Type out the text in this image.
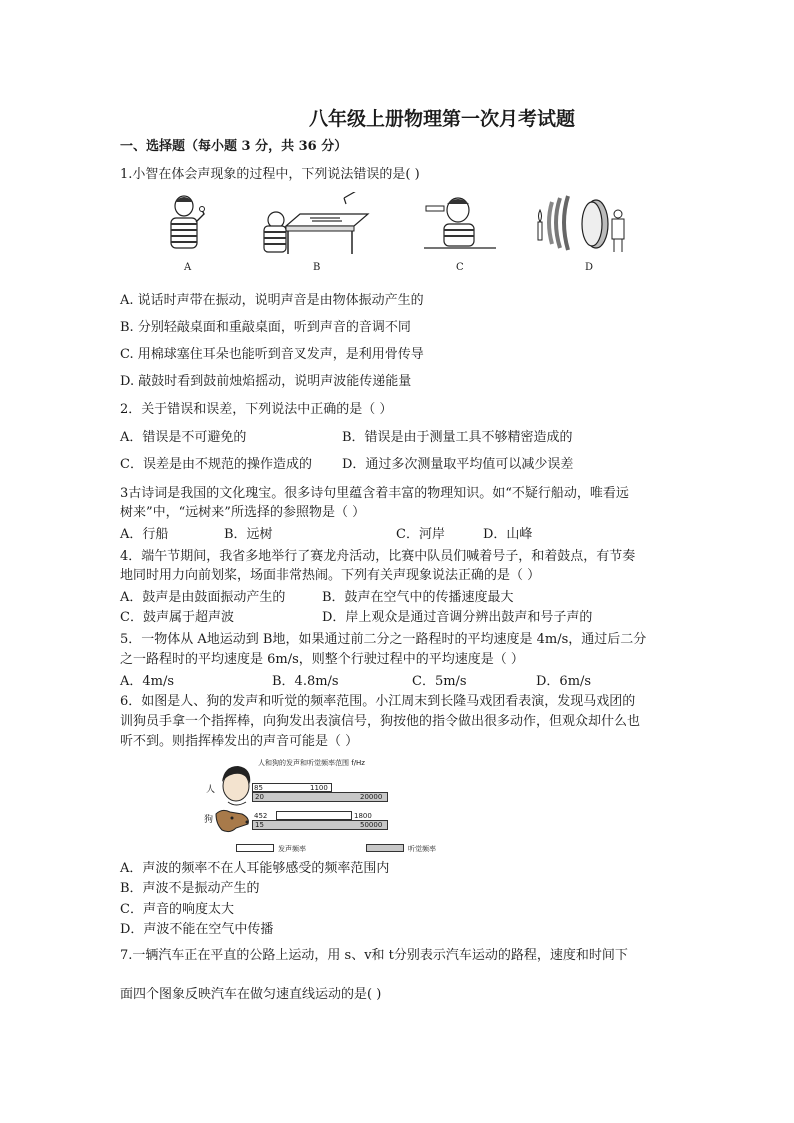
八年级上册物理第一次月考试题
一、选择题（每小题 3 分，共 36 分）
1.小智在体会声现象的过程中，下列说法错误的是( )
A	B	C	D
A. 说话时声带在振动，说明声音是由物体振动产生的
B. 分别轻敲桌面和重敲桌面，听到声音的音调不同
C. 用棉球塞住耳朵也能听到音叉发声，是利用骨传导
D. 敲鼓时看到鼓前烛焰摇动，说明声波能传递能量
2．关于错误和误差，下列说法中正确的是（ ）
A．错误是不可避免的	B．错误是由于测量工具不够精密造成的
C．误差是由不规范的操作造成的 D．通过多次测量取平均值可以减少误差
3古诗词是我国的文化瑰宝。很多诗句里蕴含着丰富的物理知识。如“不疑行船动，唯看远
树来”中，“远树来”所选择的参照物是（ ）
A．行船	B．远树	C．河岸	D．山峰
4．端午节期间，我省多地举行了赛龙舟活动，比赛中队员们喊着号子，和着鼓点，有节奏
地同时用力向前划桨，场面非常热闹。下列有关声现象说法正确的是（ ）
A．鼓声是由鼓面振动产生的	B．鼓声在空气中的传播速度最大
C．鼓声属于超声波	D．岸上观众是通过音调分辨出鼓声和号子声的
5．一物体从 A地运动到 B地，如果通过前二分之一路程时的平均速度是 4m/s，通过后二分
之一路程时的平均速度是 6m/s，则整个行驶过程中的平均速度是（ ）
A．4m/s	B．4.8m/s	C．5m/s	D．6m/s
6．如图是人、狗的发声和听觉的频率范围。小江周末到长隆马戏团看表演，发现马戏团的
训狗员手拿一个指挥棒，向狗发出表演信号，狗按他的指令做出很多动作，但观众却什么也
听不到。则指挥棒发出的声音可能是（ ）
人
狗
人和狗的发声和听觉频率范围 f/Hz
20	20000
85	1100
15	50000
452	1800
发声频率	听觉频率
A．声波的频率不在人耳能够感受的频率范围内
B．声波不是振动产生的
C．声音的响度太大
D．声波不能在空气中传播
7.一辆汽车正在平直的公路上运动，用 s、v和 t分别表示汽车运动的路程，速度和时间下
面四个图象反映汽车在做匀速直线运动的是( )
